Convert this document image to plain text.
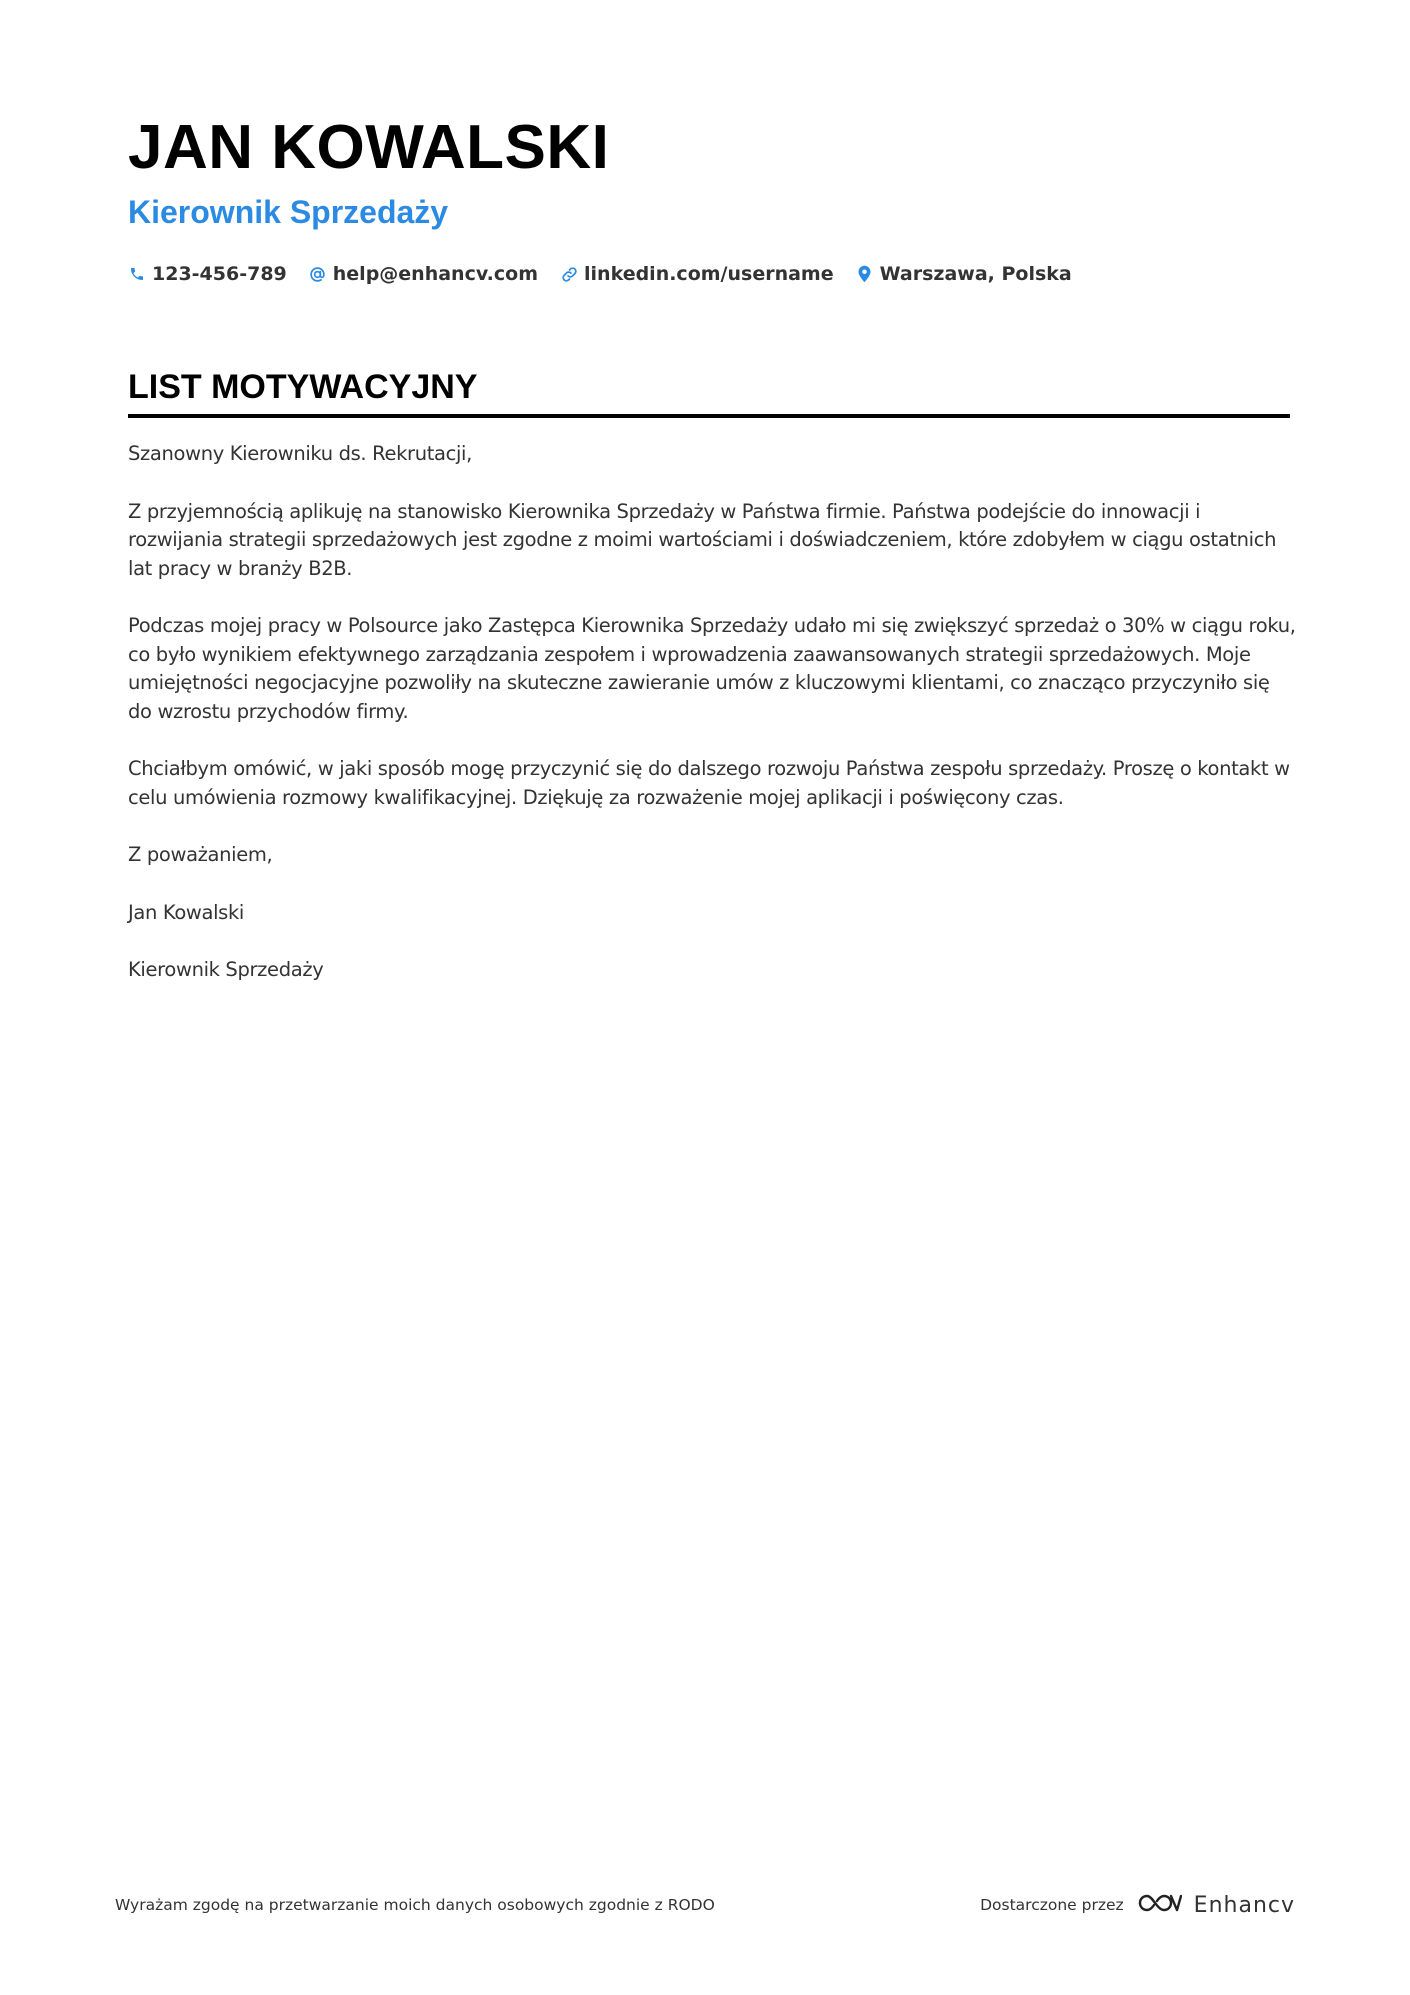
JAN KOWALSKI
Kierownik Sprzedaży
123-456-789 help@enhancv.com linkedin.com/username Warszawa, Polska
LIST MOTYWACYJNY

Szanowny Kierowniku ds. Rekrutacji,

Z przyjemnością aplikuję na stanowisko Kierownika Sprzedaży w Państwa firmie. Państwa podejście do innowacji i rozwijania strategii sprzedażowych jest zgodne z moimi wartościami i doświadczeniem, które zdobyłem w ciągu ostatnich lat pracy w branży B2B.

Podczas mojej pracy w Polsource jako Zastępca Kierownika Sprzedaży udało mi się zwiększyć sprzedaż o 30% w ciągu roku, co było wynikiem efektywnego zarządzania zespołem i wprowadzenia zaawansowanych strategii sprzedażowych. Moje umiejętności negocjacyjne pozwoliły na skuteczne zawieranie umów z kluczowymi klientami, co znacząco przyczyniło się do wzrostu przychodów firmy.

Chciałbym omówić, w jaki sposób mogę przyczynić się do dalszego rozwoju Państwa zespołu sprzedaży. Proszę o kontakt w celu umówienia rozmowy kwalifikacyjnej. Dziękuję za rozważenie mojej aplikacji i poświęcony czas.

Z poważaniem,

Jan Kowalski

Kierownik Sprzedaży

Wyrażam zgodę na przetwarzanie moich danych osobowych zgodnie z RODO	Dostarczone przez	Enhancv
